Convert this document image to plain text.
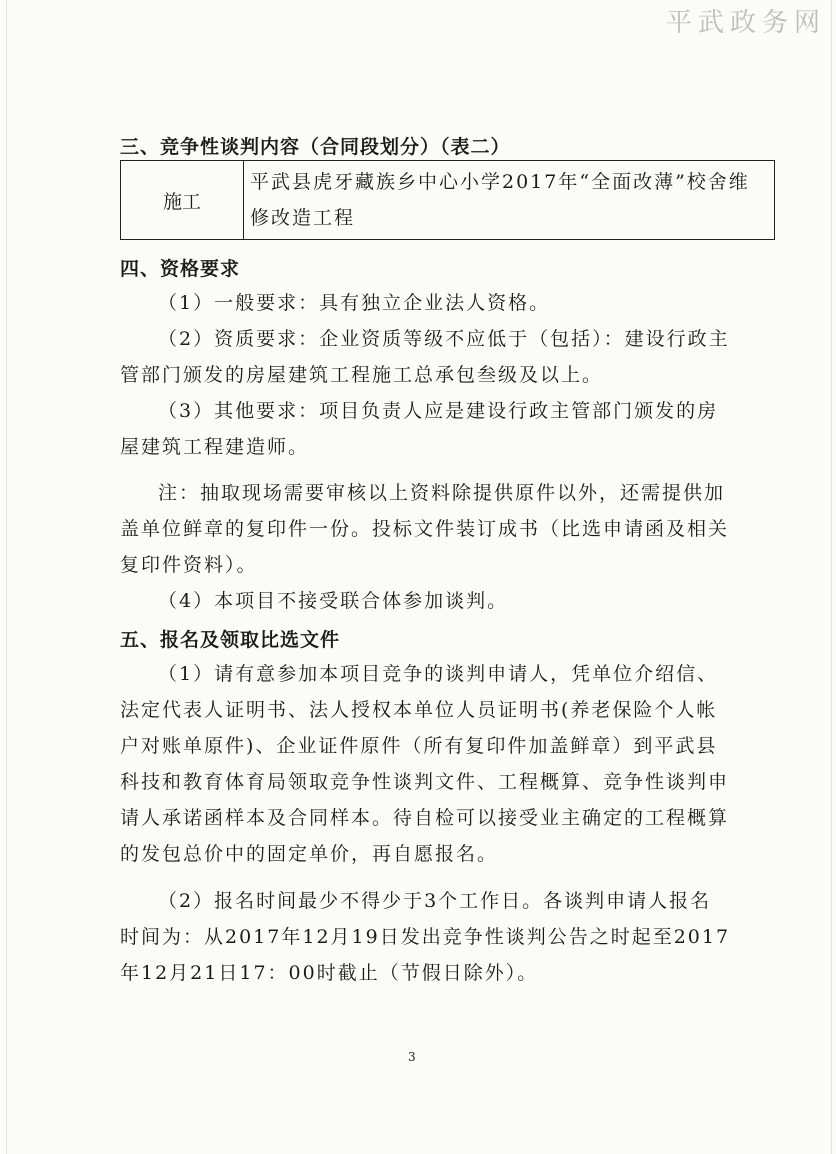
平武政务网
三、竞争性谈判内容（合同段划分）（表二）
施工	平武县虎牙藏族乡中心小学2017年“全面改薄”校舍维修改造工程
四、资格要求

（1）一般要求：具有独立企业法人资格。

（2）资质要求：企业资质等级不应低于（包括）：建设行政主管部门颁发的房屋建筑工程施工总承包叁级及以上。

（3）其他要求：项目负责人应是建设行政主管部门颁发的房屋建筑工程建造师。

注：抽取现场需要审核以上资料除提供原件以外，还需提供加盖单位鲜章的复印件一份。投标文件装订成书（比选申请函及相关复印件资料）。

（4）本项目不接受联合体参加谈判。

五、报名及领取比选文件

（1）请有意参加本项目竞争的谈判申请人，凭单位介绍信、法定代表人证明书、法人授权本单位人员证明书(养老保险个人帐户对账单原件)、企业证件原件（所有复印件加盖鲜章）到平武县科技和教育体育局领取竞争性谈判文件、工程概算、竞争性谈判申请人承诺函样本及合同样本。待自检可以接受业主确定的工程概算的发包总价中的固定单价，再自愿报名。

（2）报名时间最少不得少于3个工作日。各谈判申请人报名时间为：从2017年12月19日发出竞争性谈判公告之时起至2017年12月21日17：00时截止（节假日除外）。

3
